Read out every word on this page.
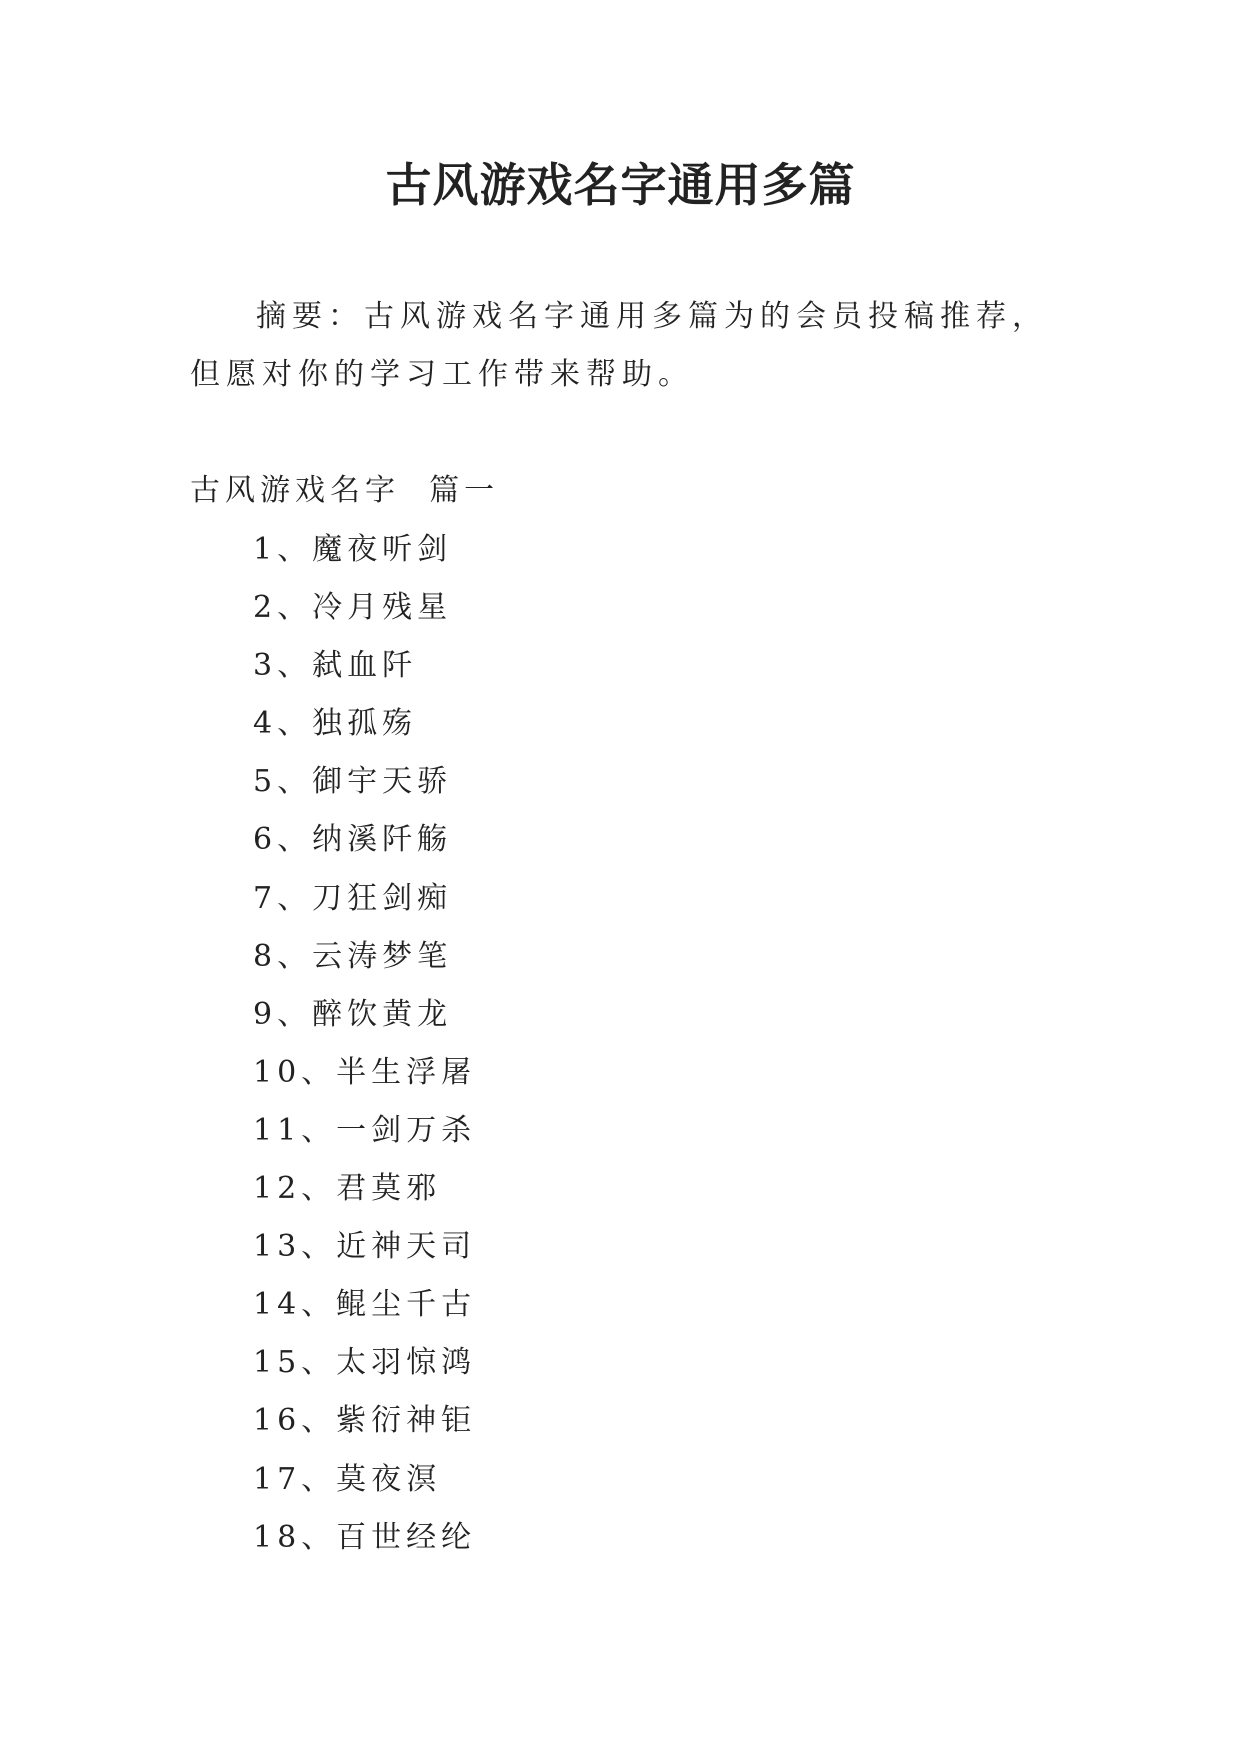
古风游戏名字通用多篇

摘要：古风游戏名字通用多篇为的会员投稿推荐，但愿对你的学习工作带来帮助。

古风游戏名字  篇一

1、魔夜听剑
2、冷月残星
3、弑血阡
4、独孤殇
5、御宇天骄
6、纳溪阡觞
7、刀狂剑痴
8、云涛梦笔
9、醉饮黄龙
10、半生浮屠
11、一剑万杀
12、君莫邪
13、近神天司
14、鲲尘千古
15、太羽惊鸿
16、紫衍神钜
17、莫夜溟
18、百世经纶
